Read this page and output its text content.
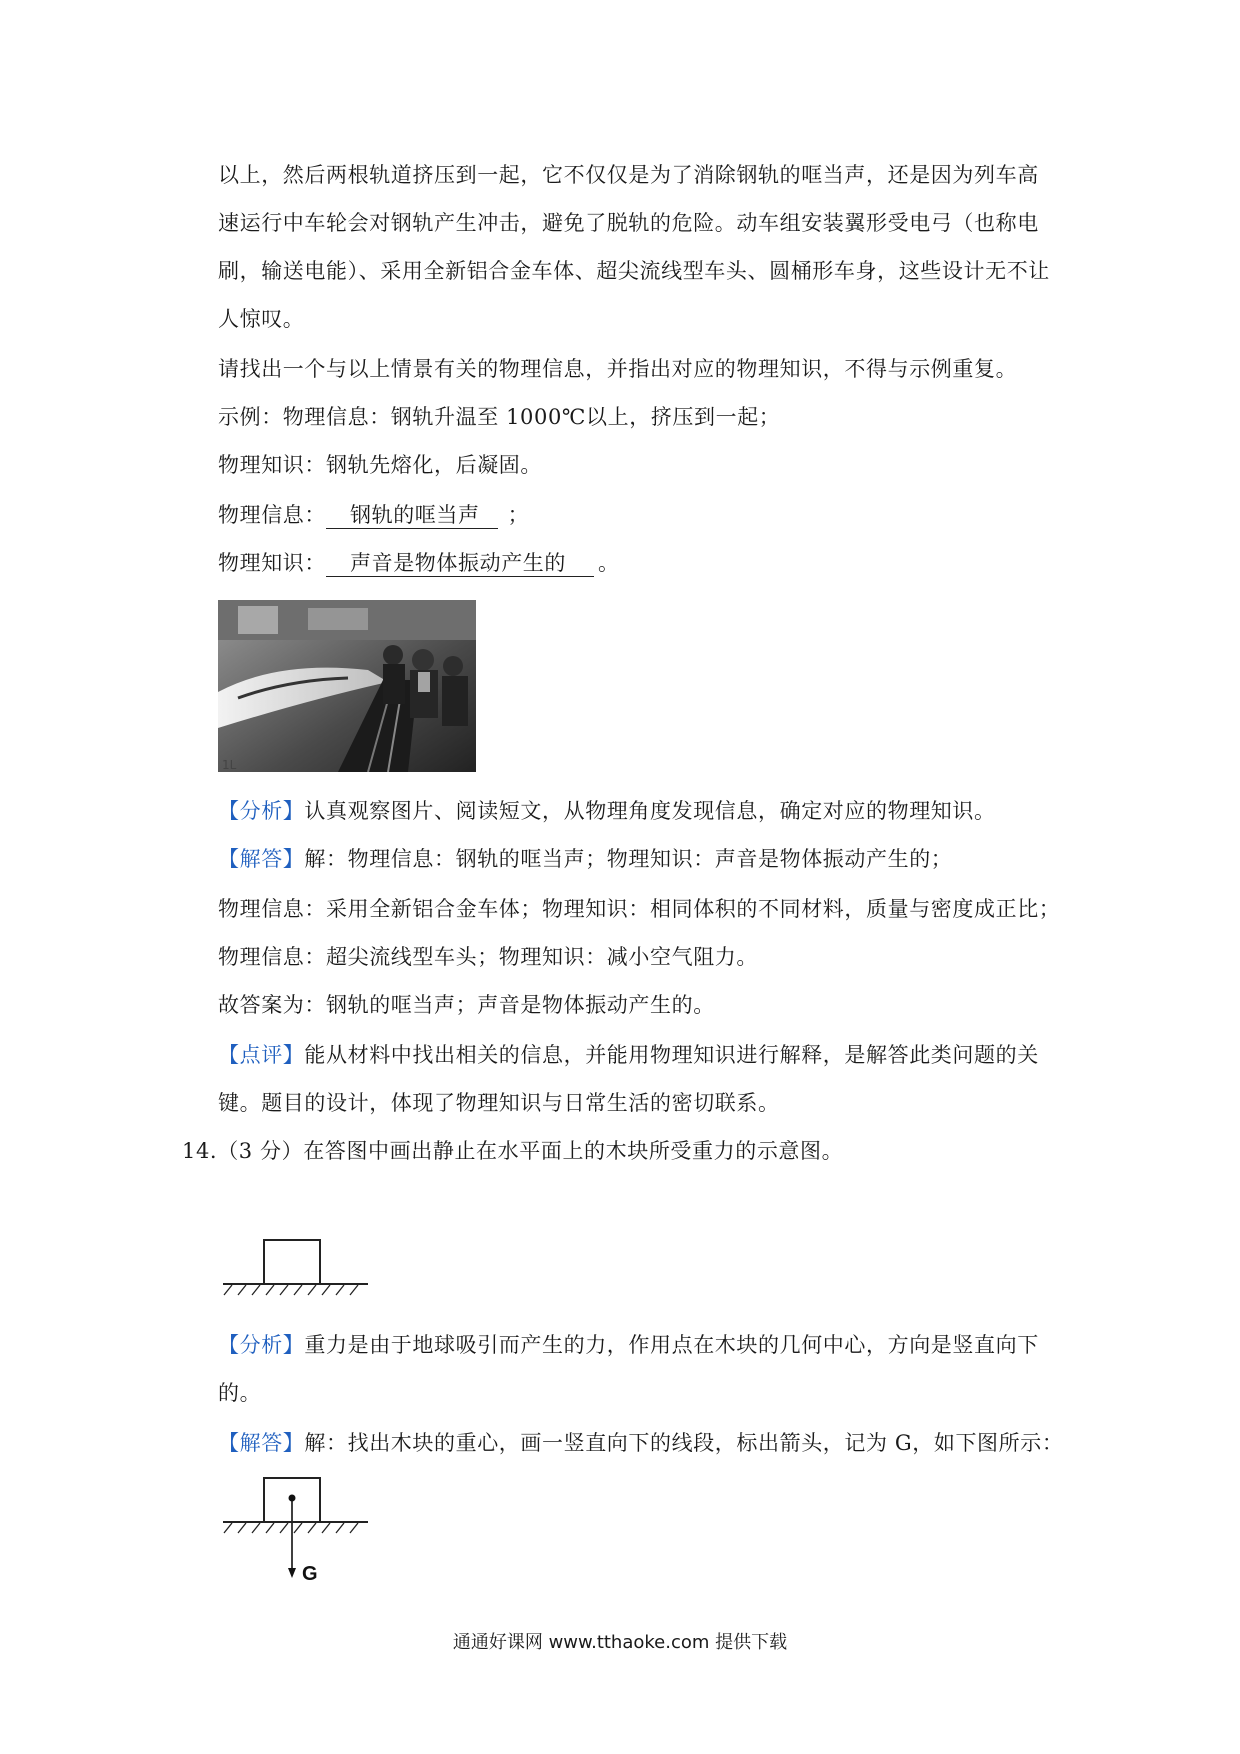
以上，然后两根轨道挤压到一起，它不仅仅是为了消除钢轨的哐当声，还是因为列车高
速运行中车轮会对钢轨产生冲击，避免了脱轨的危险。动车组安装翼形受电弓（也称电
刷，输送电能）、采用全新铝合金车体、超尖流线型车头、圆桶形车身，这些设计无不让
人惊叹。
请找出一个与以上情景有关的物理信息，并指出对应的物理知识，不得与示例重复。
示例：物理信息：钢轨升温至 1000℃以上，挤压到一起；
物理知识：钢轨先熔化，后凝固。
物理信息： 钢轨的哐当声 ；
物理知识： 声音是物体振动产生的 。
1L
【分析】认真观察图片、阅读短文，从物理角度发现信息，确定对应的物理知识。
【解答】解：物理信息：钢轨的哐当声；物理知识：声音是物体振动产生的；
物理信息：采用全新铝合金车体；物理知识：相同体积的不同材料，质量与密度成正比；
物理信息：超尖流线型车头；物理知识：减小空气阻力。
故答案为：钢轨的哐当声；声音是物体振动产生的。
【点评】能从材料中找出相关的信息，并能用物理知识进行解释，是解答此类问题的关
键。题目的设计，体现了物理知识与日常生活的密切联系。
14.（3 分）在答图中画出静止在水平面上的木块所受重力的示意图。
【分析】重力是由于地球吸引而产生的力，作用点在木块的几何中心，方向是竖直向下
的。
【解答】解：找出木块的重心，画一竖直向下的线段，标出箭头，记为 G，如下图所示：
G
通通好课网 www.tthaoke.com 提供下载
